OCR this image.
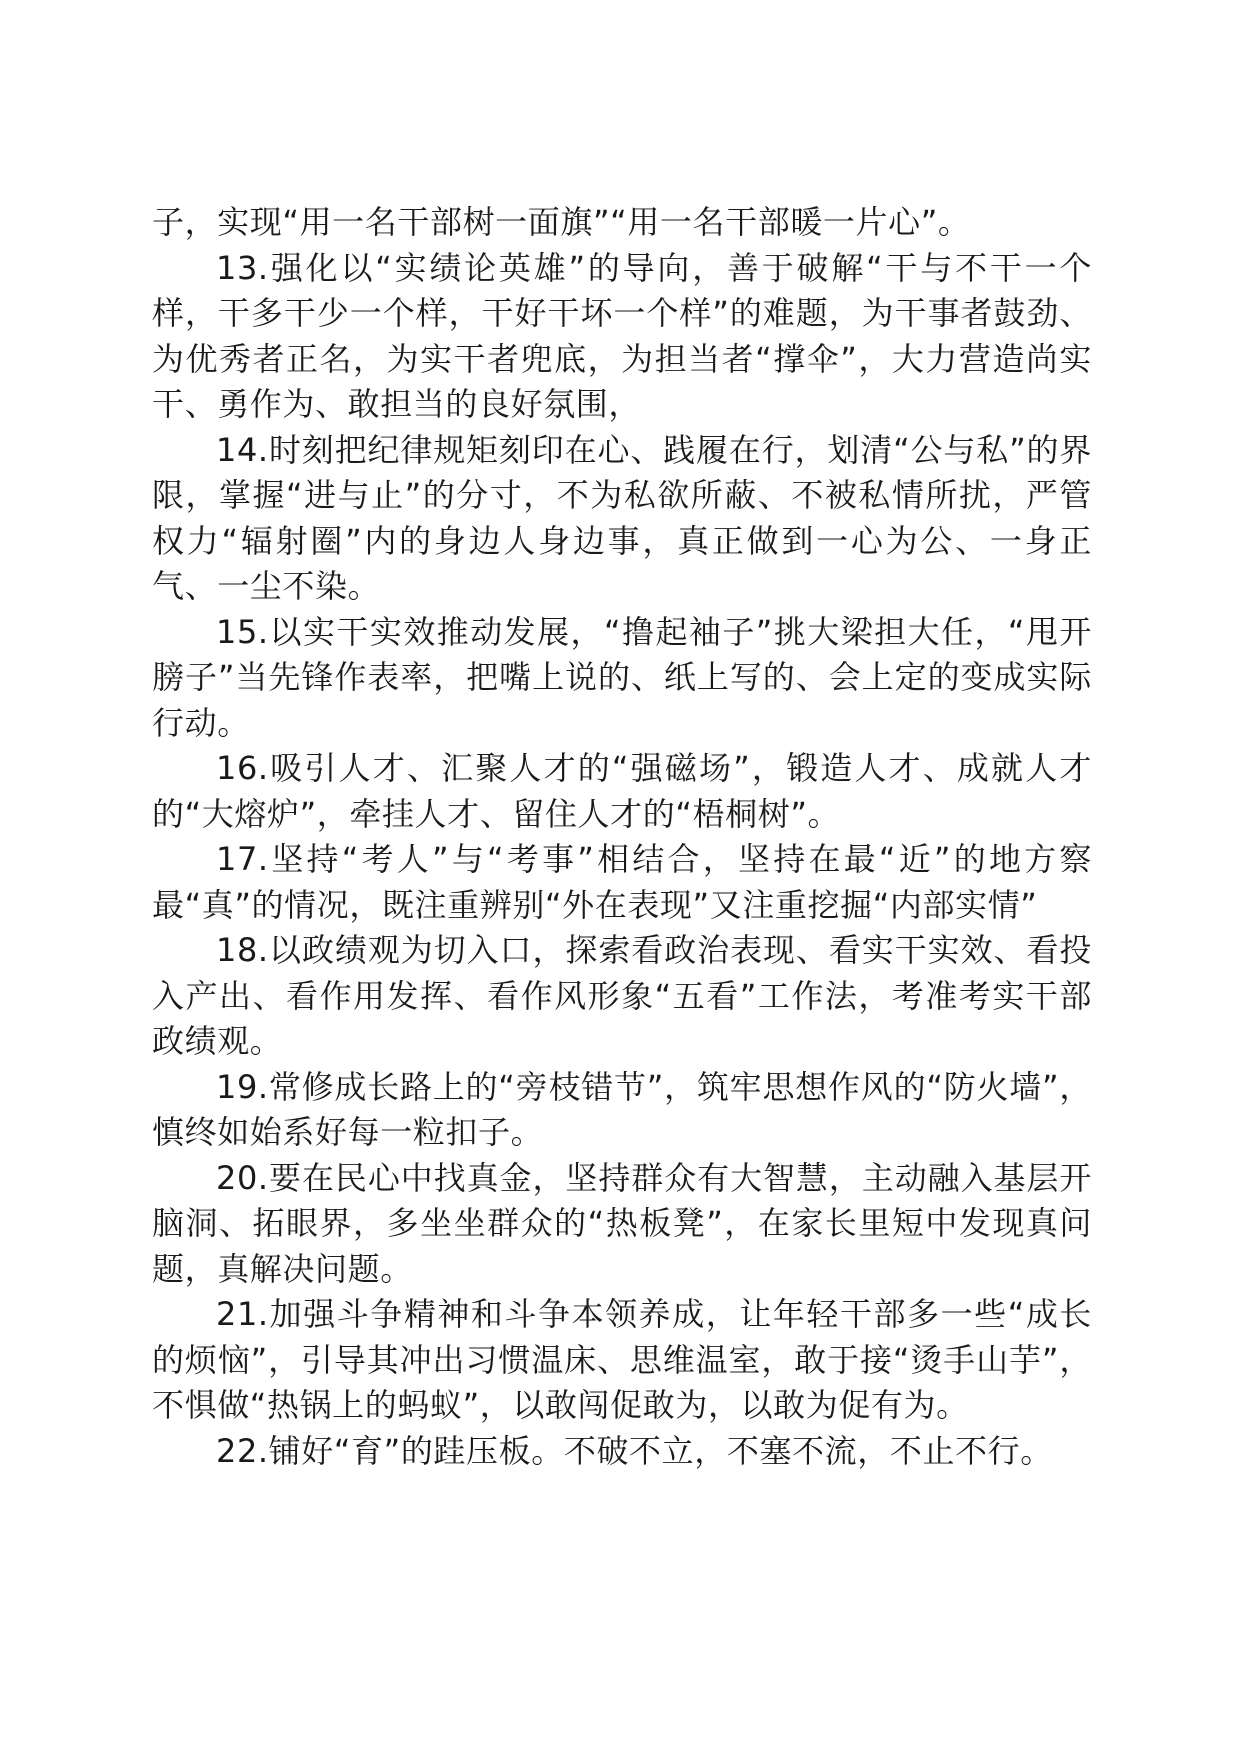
子，实现“用一名干部树一面旗”“用一名干部暖一片心”。

13.强化以“实绩论英雄”的导向，善于破解“干与不干一个样，干多干少一个样，干好干坏一个样”的难题，为干事者鼓劲、为优秀者正名，为实干者兜底，为担当者“撑伞”，大力营造尚实干、勇作为、敢担当的良好氛围，

14.时刻把纪律规矩刻印在心、践履在行，划清“公与私”的界限，掌握“进与止”的分寸，不为私欲所蔽、不被私情所扰，严管权力“辐射圈”内的身边人身边事，真正做到一心为公、一身正气、一尘不染。

15.以实干实效推动发展，“撸起袖子”挑大梁担大任，“甩开膀子”当先锋作表率，把嘴上说的、纸上写的、会上定的变成实际行动。

16.吸引人才、汇聚人才的“强磁场”，锻造人才、成就人才的“大熔炉”，牵挂人才、留住人才的“梧桐树”。

17.坚持“考人”与“考事”相结合，坚持在最“近”的地方察最“真”的情况，既注重辨别“外在表现”又注重挖掘“内部实情”

18.以政绩观为切入口，探索看政治表现、看实干实效、看投入产出、看作用发挥、看作风形象“五看”工作法，考准考实干部政绩观。

19.常修成长路上的“旁枝错节”，筑牢思想作风的“防火墙”，慎终如始系好每一粒扣子。

20.要在民心中找真金，坚持群众有大智慧，主动融入基层开脑洞、拓眼界，多坐坐群众的“热板凳”，在家长里短中发现真问题，真解决问题。

21.加强斗争精神和斗争本领养成，让年轻干部多一些“成长的烦恼”，引导其冲出习惯温床、思维温室，敢于接“烫手山芋”，不惧做“热锅上的蚂蚁”，以敢闯促敢为，以敢为促有为。

22.铺好“育”的跬压板。不破不立，不塞不流，不止不行。
